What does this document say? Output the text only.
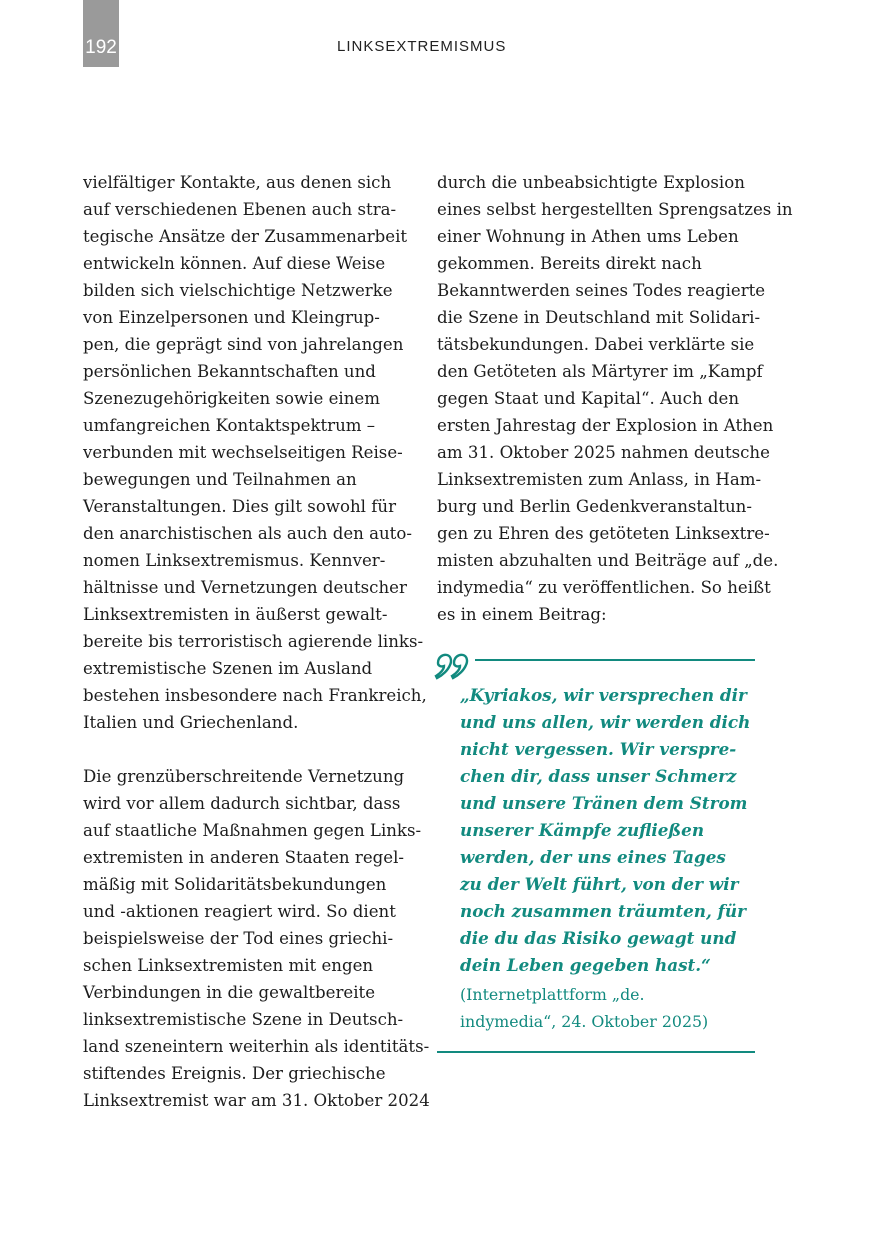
192	LINKSEXTREMISMUS
vielfältiger Kontakte, aus denen sich
auf verschiedenen Ebenen auch stra-
tegische Ansätze der Zusammenarbeit
entwickeln können. Auf diese Weise
bilden sich vielschichtige Netzwerke
von Einzelpersonen und Kleingrup-
pen, die geprägt sind von jahrelangen
persönlichen Bekanntschaften und
Szenezugehörigkeiten sowie einem
umfangreichen Kontaktspektrum –
verbunden mit wechselseitigen Reise-
bewegungen und Teilnahmen an
Veranstaltungen. Dies gilt sowohl für
den anarchistischen als auch den auto-
nomen Linksextremismus. Kennver-
hältnisse und Vernetzungen deutscher
Linksextremisten in äußerst gewalt-
bereite bis terroristisch agierende links-
extremistische Szenen im Ausland
bestehen insbesondere nach Frankreich,
Italien und Griechenland.
Die grenzüberschreitende Vernetzung
wird vor allem dadurch sichtbar, dass
auf staatliche Maßnahmen gegen Links-
extremisten in anderen Staaten regel-
mäßig mit Solidaritätsbekundungen
und -aktionen reagiert wird. So dient
beispielsweise der Tod eines griechi-
schen Linksextremisten mit engen
Verbindungen in die gewaltbereite
linksextremistische Szene in Deutsch-
land szeneintern weiterhin als identitäts-
stiftendes Ereignis. Der griechische
Linksextremist war am 31. Oktober 2024
durch die unbeabsichtigte Explosion
eines selbst hergestellten Sprengsatzes in
einer Wohnung in Athen ums Leben
gekommen. Bereits direkt nach
Bekanntwerden seines Todes reagierte
die Szene in Deutschland mit Solidari-
tätsbekundungen. Dabei verklärte sie
den Getöteten als Märtyrer im „Kampf
gegen Staat und Kapital“. Auch den
ersten Jahrestag der Explosion in Athen
am 31. Oktober 2025 nahmen deutsche
Linksextremisten zum Anlass, in Ham-
burg und Berlin Gedenkveranstaltun-
gen zu Ehren des getöteten Linksextre-
misten abzuhalten und Beiträge auf „de.
indymedia“ zu veröffentlichen. So heißt
es in einem Beitrag:
„Kyriakos, wir versprechen dir
und uns allen, wir werden dich
nicht vergessen. Wir verspre-
chen dir, dass unser Schmerz
und unsere Tränen dem Strom
unserer Kämpfe zufließen
werden, der uns eines Tages
zu der Welt führt, von der wir
noch zusammen träumten, für
die du das Risiko gewagt und
dein Leben gegeben hast.“
(Internetplattform „de.
indymedia“, 24. Oktober 2025)
